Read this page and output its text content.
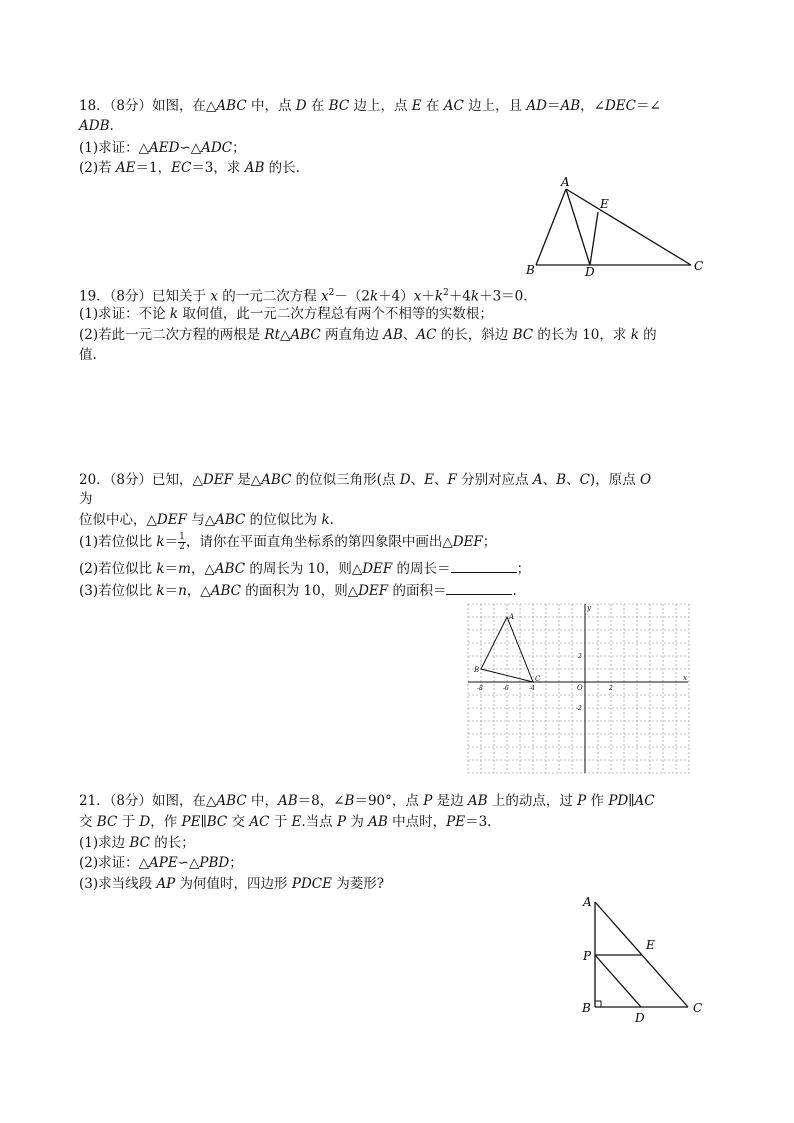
18．（8分）如图，在△ABC 中，点 D 在 BC 边上，点 E 在 AC 边上，且 AD＝AB，∠DEC＝∠
ADB.
(1)求证：△AED∽△ADC；
(2)若 AE＝1，EC＝3，求 AB 的长.
A
B	C
D
E
19．（8分）已知关于 x 的一元二次方程 $x^2-(2k+4)x+k^2+4k+3=0$.
(1)求证：不论 k 取何值，此一元二次方程总有两个不相等的实数根；
(2)若此一元二次方程的两根是 Rt△ABC 两直角边 AB、AC 的长，斜边 BC 的长为 10，求 k 的
值.
20．（8分）已知，△DEF 是△ABC 的位似三角形(点 D、E、F 分别对应点 A、B、C)，原点 O
为
位似中心，△DEF 与△ABC 的位似比为 k.
(1)若位似比 $k= \frac{1}{2}$ ，请你在平面直角坐标系的第四象限中画出△DEF；
(2)若位似比 k＝m，△ABC 的周长为 10，则△DEF 的周长＝	；
(3)若位似比 k＝n，△ABC 的面积为 10，则△DEF 的面积＝	.
A
B
C
O
y
x
-8	-6	-4	2
2
-2
21．（8分）如图，在△ABC 中，AB＝8，∠B＝90°，点 P 是边 AB 上的动点，过 P 作 PD∥AC
交 BC 于 D，作 PE∥BC 交 AC 于 E.当点 P 为 AB 中点时，PE＝3.
(1)求边 BC 的长；
(2)求证：△APE∽△PBD；
(3)求当线段 AP 为何值时，四边形 PDCE 为菱形?
A
B	C
D
E
P
